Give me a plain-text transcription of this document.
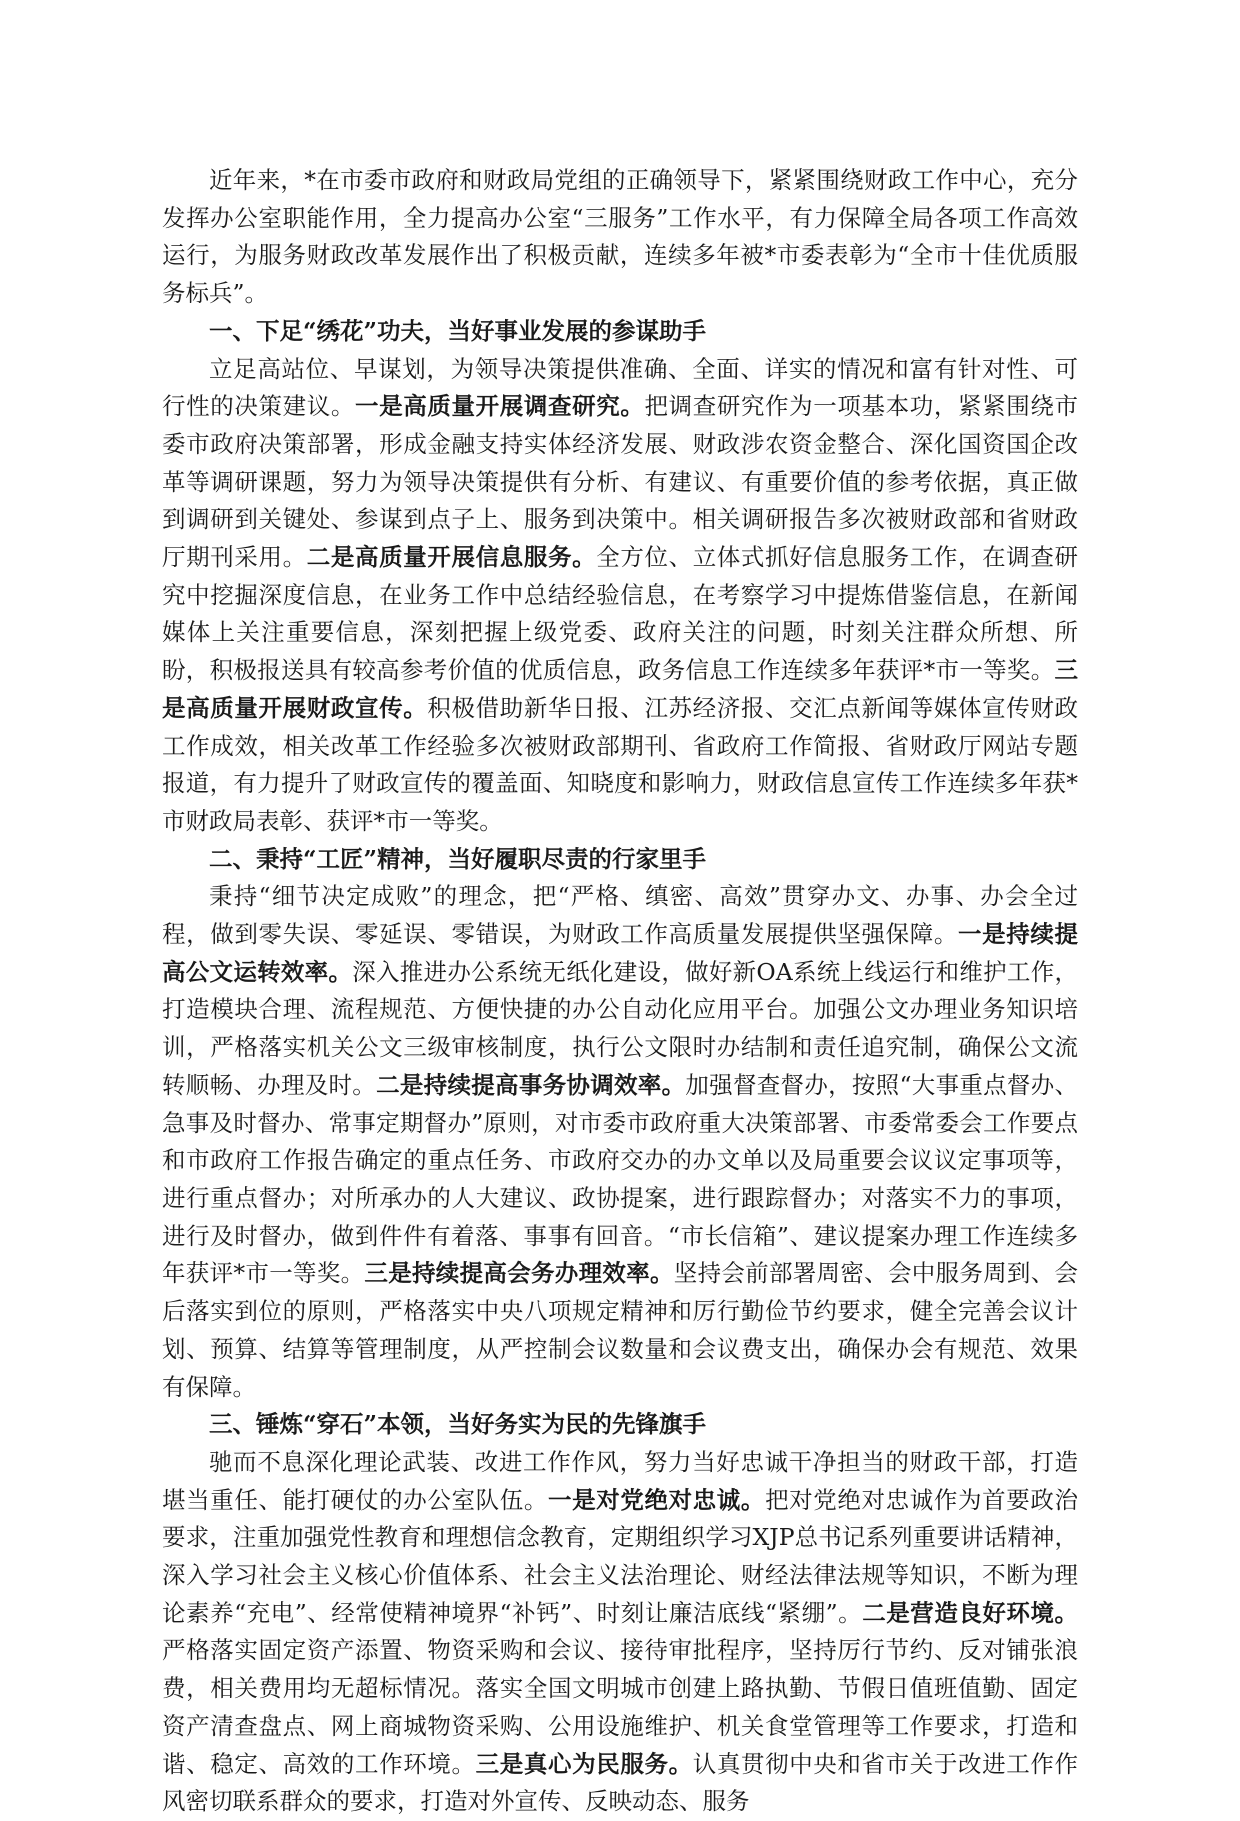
近年来，*在市委市政府和财政局党组的正确领导下，紧紧围绕财政工作中心，充分发挥办公室职能作用，全力提高办公室“三服务”工作水平，有力保障全局各项工作高效运行，为服务财政改革发展作出了积极贡献，连续多年被*市委表彰为“全市十佳优质服务标兵”。

一、下足“绣花”功夫，当好事业发展的参谋助手

立足高站位、早谋划，为领导决策提供准确、全面、详实的情况和富有针对性、可行性的决策建议。一是高质量开展调查研究。把调查研究作为一项基本功，紧紧围绕市委市政府决策部署，形成金融支持实体经济发展、财政涉农资金整合、深化国资国企改革等调研课题，努力为领导决策提供有分析、有建议、有重要价值的参考依据，真正做到调研到关键处、参谋到点子上、服务到决策中。相关调研报告多次被财政部和省财政厅期刊采用。二是高质量开展信息服务。全方位、立体式抓好信息服务工作，在调查研究中挖掘深度信息，在业务工作中总结经验信息，在考察学习中提炼借鉴信息，在新闻媒体上关注重要信息，深刻把握上级党委、政府关注的问题，时刻关注群众所想、所盼，积极报送具有较高参考价值的优质信息，政务信息工作连续多年获评*市一等奖。三是高质量开展财政宣传。积极借助新华日报、江苏经济报、交汇点新闻等媒体宣传财政工作成效，相关改革工作经验多次被财政部期刊、省政府工作简报、省财政厅网站专题报道，有力提升了财政宣传的覆盖面、知晓度和影响力，财政信息宣传工作连续多年获*市财政局表彰、获评*市一等奖。

二、秉持“工匠”精神，当好履职尽责的行家里手

秉持“细节决定成败”的理念，把“严格、缜密、高效”贯穿办文、办事、办会全过程，做到零失误、零延误、零错误，为财政工作高质量发展提供坚强保障。一是持续提高公文运转效率。深入推进办公系统无纸化建设，做好新OA系统上线运行和维护工作，打造模块合理、流程规范、方便快捷的办公自动化应用平台。加强公文办理业务知识培训，严格落实机关公文三级审核制度，执行公文限时办结制和责任追究制，确保公文流转顺畅、办理及时。二是持续提高事务协调效率。加强督查督办，按照“大事重点督办、急事及时督办、常事定期督办”原则，对市委市政府重大决策部署、市委常委会工作要点和市政府工作报告确定的重点任务、市政府交办的办文单以及局重要会议议定事项等，进行重点督办；对所承办的人大建议、政协提案，进行跟踪督办；对落实不力的事项，进行及时督办，做到件件有着落、事事有回音。“市长信箱”、建议提案办理工作连续多年获评*市一等奖。三是持续提高会务办理效率。坚持会前部署周密、会中服务周到、会后落实到位的原则，严格落实中央八项规定精神和厉行勤俭节约要求，健全完善会议计划、预算、结算等管理制度，从严控制会议数量和会议费支出，确保办会有规范、效果有保障。

三、锤炼“穿石”本领，当好务实为民的先锋旗手

驰而不息深化理论武装、改进工作作风，努力当好忠诚干净担当的财政干部，打造堪当重任、能打硬仗的办公室队伍。一是对党绝对忠诚。把对党绝对忠诚作为首要政治要求，注重加强党性教育和理想信念教育，定期组织学习XJP总书记系列重要讲话精神，深入学习社会主义核心价值体系、社会主义法治理论、财经法律法规等知识，不断为理论素养“充电”、经常使精神境界“补钙”、时刻让廉洁底线“紧绷”。二是营造良好环境。严格落实固定资产添置、物资采购和会议、接待审批程序，坚持厉行节约、反对铺张浪费，相关费用均无超标情况。落实全国文明城市创建上路执勤、节假日值班值勤、固定资产清查盘点、网上商城物资采购、公用设施维护、机关食堂管理等工作要求，打造和谐、稳定、高效的工作环境。三是真心为民服务。认真贯彻中央和省市关于改进工作作风密切联系群众的要求，打造对外宣传、反映动态、服务
